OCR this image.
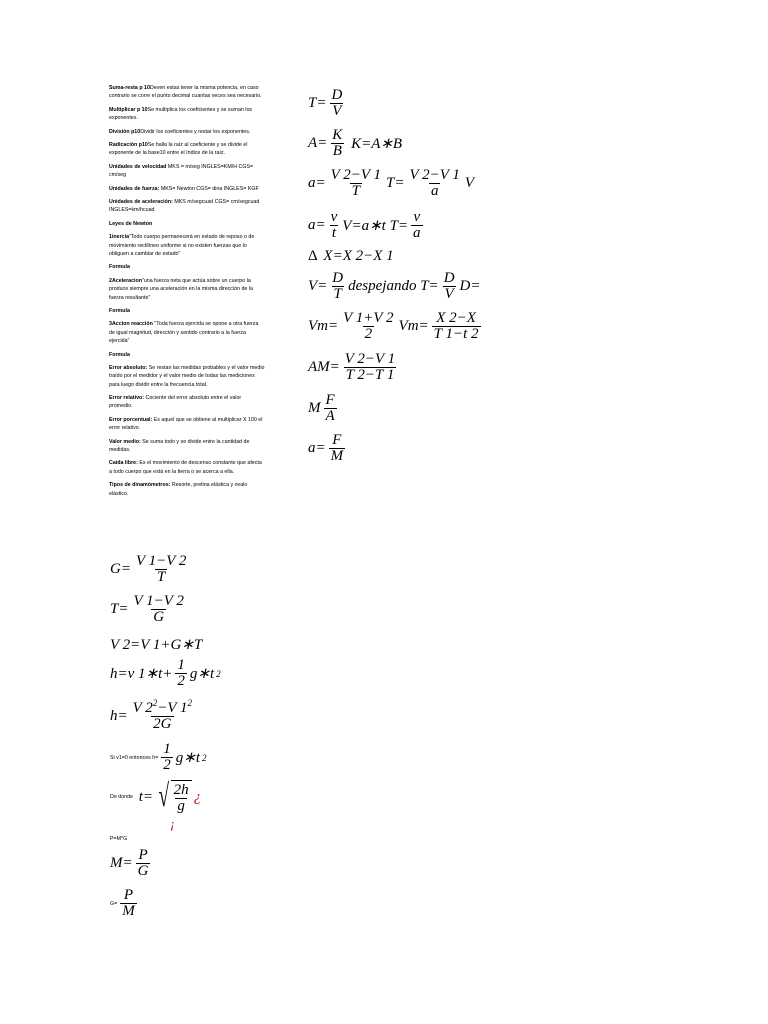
Suma-resta p 10Deven estas tener la misma potencia, en caso contrario se corre el punto decimal cuantas veces sea necesario.

Multiplicar p 10Se multiplica los coeficientes y se suman los exponentes.

División p10Dividir los coeficientes y restar los exponentes.

Radicación p10Se halla la raíz al coeficiente y se divide el exponente de la base10 entre el índice de la raíz.

Unidades de velocidad MKS = m/seg INGLES=KM/H CGS= cm/seg

Unidades de fuerza: MKS= Newton CGS= dina INGLES= KGF

Unidades de aceleración: MKS m/segcuad CGS= cm/segcuad INGLES=km/hcuad

Leyes de Newton

1inercia"Todo cuerpo permanecerá en estado de reposo o de movimiento rectilíneo uniforme si no existen fuerzas que lo obliguen a cambiar de estado"

Formula

2Aceleracion"una fuerza neta que actúa sobre un cuerpo la produce siempre una aceleración en la misma dirección de la fuerza resultante"

Formula

3Accion reacción "Toda fuerza ejercida se opone a otra fuerza de igual magnitud, dirección y sentido contrario a la fuerza ejercida"

Formula

Error absoluto: Se restan las medidas probables y el valor medio traído por el medidor y el valor medio de todas las mediciones para luego dividir entre la frecuencia total.

Error relativo: Cociente del error absoluto entre el valor promedio.

Error porcentual: Es aquel que se obtiene al multiplicar X 100 el error relativo.

Valor medio: Se suma todo y se divide entre la cantidad de medidas.

Caída libre: Es el movimiento de descenso constante que afecta a todo cuerpo que está en la tierra o se acerca a ella.

Tipos de dinamómetros: Resorte, pretina elástica y ovalo elástico.

$T= \frac{D}{V}$
$A= \frac{K}{B}$ K=A∗B
$a= \frac{V 2-V 1}{T} T= \frac{V 2-V 1}{a}$ V
$a= \frac{v}{t}$ V=a∗t $T= \frac{v}{a}$
Δ X=X 2−X 1
$V= \frac{D}{T}$ despejando $T= \frac{D}{V} D=$
$Vm= \frac{V 1+V 2}{2} Vm= \frac{X 2-X}{T 1-t 2}$
$AM= \frac{V 2-V 1}{T 2-T 1}$
M $\frac{F}{A}$
$a= \frac{F}{M}$
$G= \frac{V 1-V 2}{T}$
$T= \frac{V 1-V 2}{G}$
V 2=V 1+G∗T
h=v 1∗t+ $\frac{1}{2}$ g∗t 2
$h= \frac{V 2^2-V 1^2}{2G}$
Si v1=0 entonces $h= \frac{1}{2}$ g∗t 2
De donde t= √ $\frac{2h}{g}$ ¿
¡
P=M*G
$M= \frac{P}{G}$
$G= \frac{P}{M}$
